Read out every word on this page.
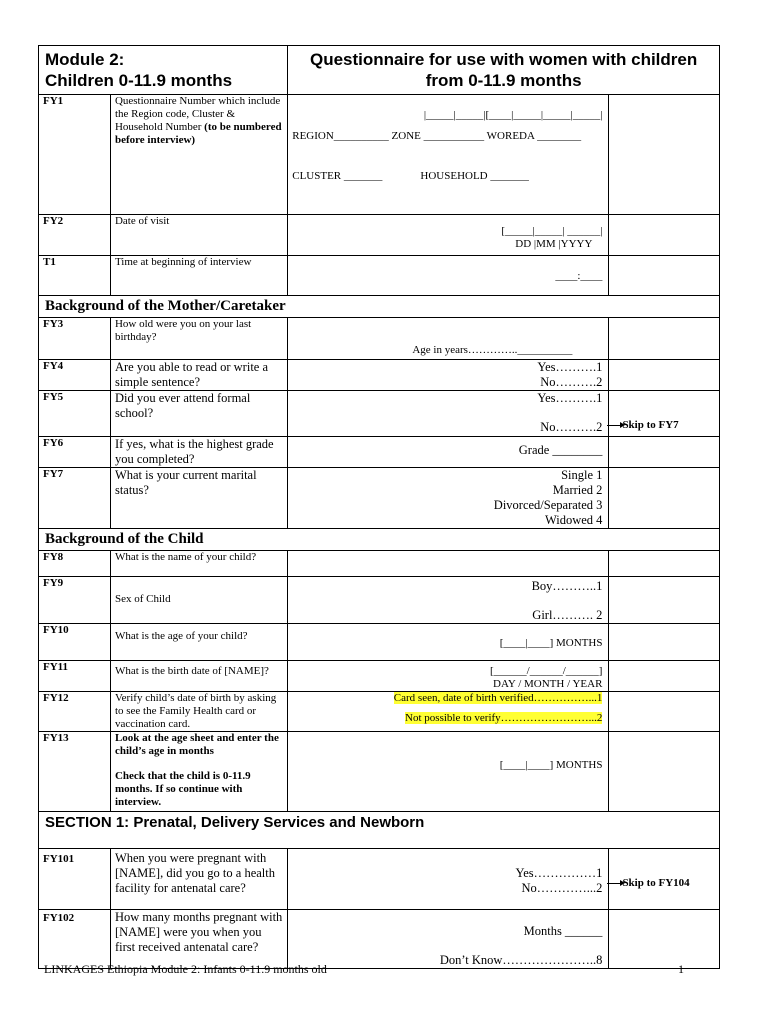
Module 2:
Children 0-11.9 months		Questionnaire for use with women with children
from 0-11.9 months	

FY1	Questionnaire Number which include the Region code, Cluster & Household Number (to be numbered before interview)	|_____|_____|[____|_____|_____|_____|
REGION__________ ZONE ___________ WOREDA ________
CLUSTER _______ HOUSEHOLD _______	

FY2	Date of visit	[_____|_____| ______|
DD |MM |YYYY	

T1	Time at beginning of interview	____:____	

Background of the Mother/Caretaker			
FY3	How old were you on your last birthday?	Age in years…………..__________	

FY4	Are you able to read or write a simple sentence?	Yes……….1
No……….2	

FY5	Did you ever attend formal school?	Yes……….1
No……….2	Skip to FY7

FY6	If yes, what is the highest grade you completed?	Grade ________	

FY7	What is your current marital status?	Single 1
Married 2
Divorced/Separated 3
Widowed 4	

Background of the Child			
FY8	What is the name of your child?		
FY9	Sex of Child	Boy………..1
Girl………. 2	

FY10	What is the age of your child?	[____|____] MONTHS	

FY11	What is the birth date of [NAME]?	[______/______/______]
DAY / MONTH / YEAR	

FY12	Verify child’s date of birth by asking to see the Family Health card or vaccination card.	Card seen, date of birth verified……………...1
Not possible to verify……………………...2	

FY13	Look at the age sheet and enter the child’s age in months
Check that the child is 0-11.9 months. If so continue with interview.	[____|____] MONTHS	

SECTION 1: Prenatal, Delivery Services and Newborn			
FY101	When you were pregnant with [NAME], did you go to a health facility for antenatal care?	Yes……………1
No…………...2	Skip to FY104

FY102	How many months pregnant with [NAME] were you when you first received antenatal care?	Months ______
Don’t Know…………………..8	

LINKAGES Ethiopia Module 2: Infants 0-11.9 months old	1
